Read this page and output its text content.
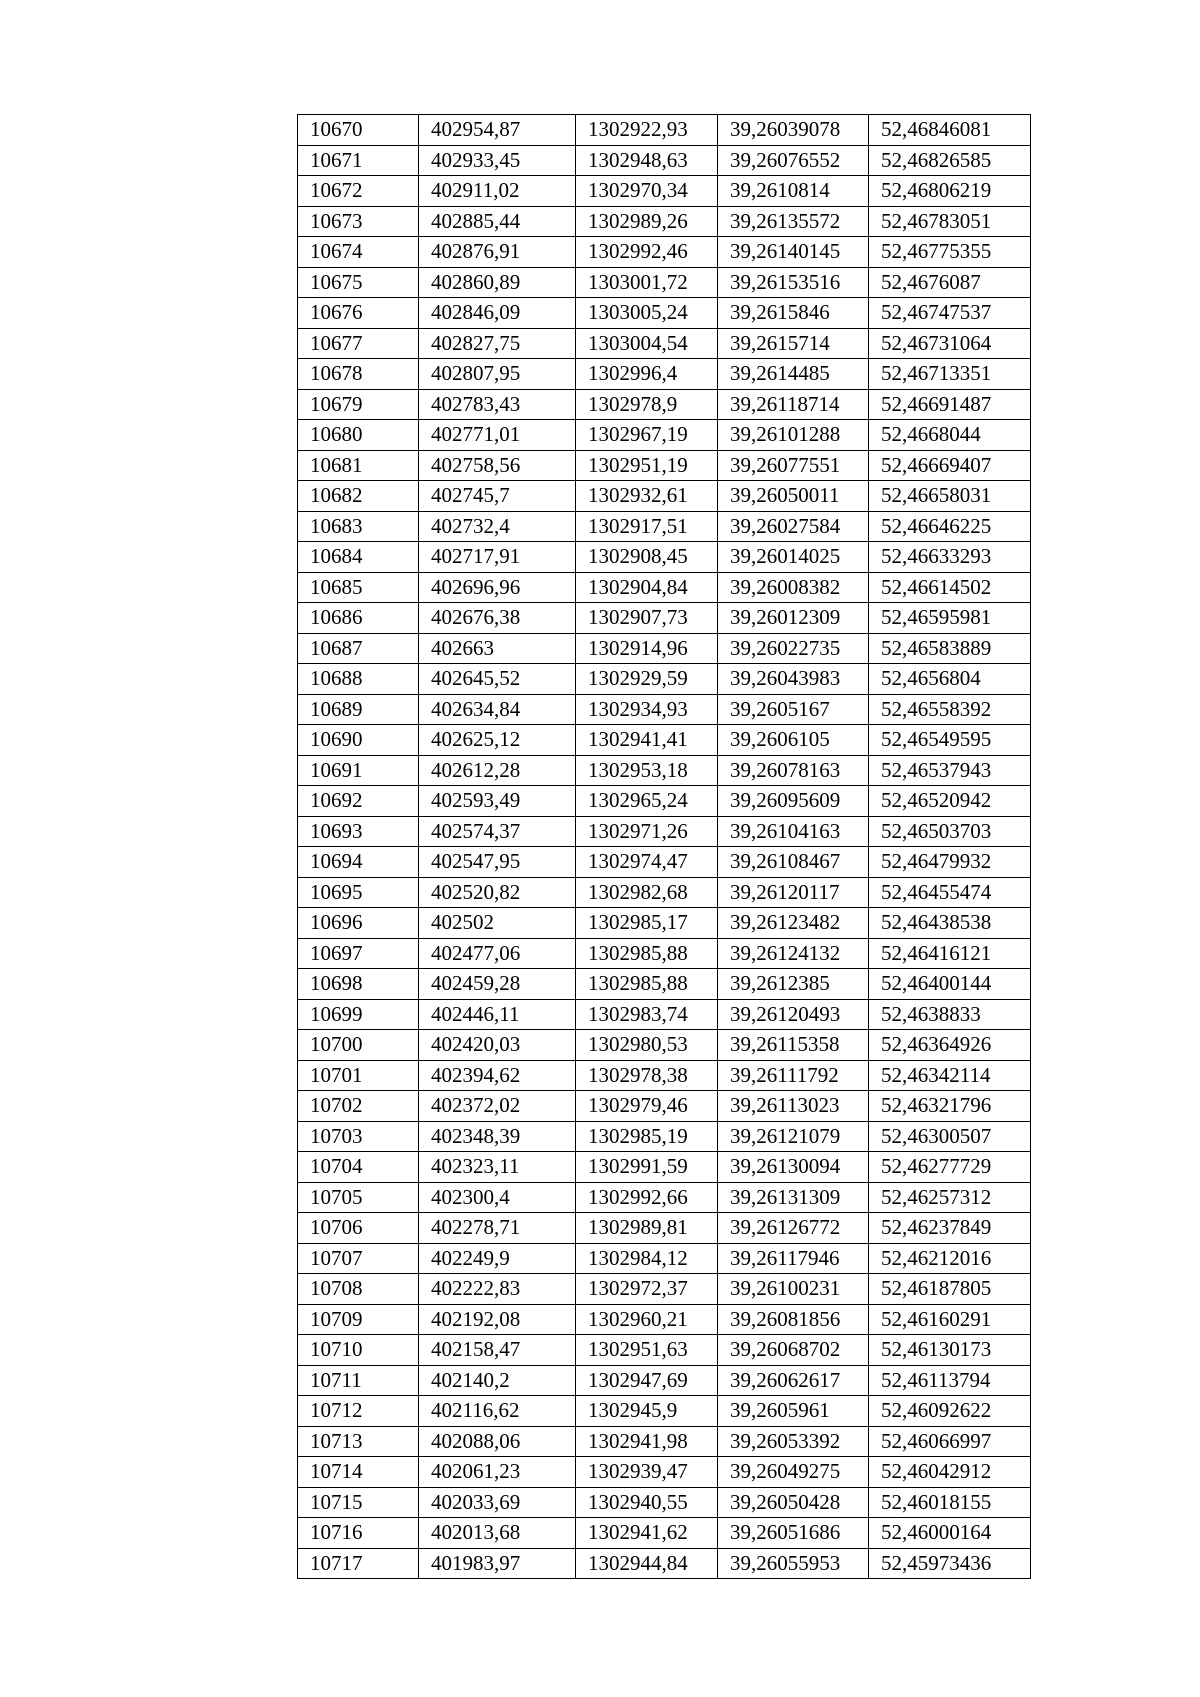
10670	402954,87	1302922,93	39,26039078	52,46846081
10671	402933,45	1302948,63	39,26076552	52,46826585
10672	402911,02	1302970,34	39,2610814	52,46806219
10673	402885,44	1302989,26	39,26135572	52,46783051
10674	402876,91	1302992,46	39,26140145	52,46775355
10675	402860,89	1303001,72	39,26153516	52,4676087
10676	402846,09	1303005,24	39,2615846	52,46747537
10677	402827,75	1303004,54	39,2615714	52,46731064
10678	402807,95	1302996,4	39,2614485	52,46713351
10679	402783,43	1302978,9	39,26118714	52,46691487
10680	402771,01	1302967,19	39,26101288	52,4668044
10681	402758,56	1302951,19	39,26077551	52,46669407
10682	402745,7	1302932,61	39,26050011	52,46658031
10683	402732,4	1302917,51	39,26027584	52,46646225
10684	402717,91	1302908,45	39,26014025	52,46633293
10685	402696,96	1302904,84	39,26008382	52,46614502
10686	402676,38	1302907,73	39,26012309	52,46595981
10687	402663	1302914,96	39,26022735	52,46583889
10688	402645,52	1302929,59	39,26043983	52,4656804
10689	402634,84	1302934,93	39,2605167	52,46558392
10690	402625,12	1302941,41	39,2606105	52,46549595
10691	402612,28	1302953,18	39,26078163	52,46537943
10692	402593,49	1302965,24	39,26095609	52,46520942
10693	402574,37	1302971,26	39,26104163	52,46503703
10694	402547,95	1302974,47	39,26108467	52,46479932
10695	402520,82	1302982,68	39,26120117	52,46455474
10696	402502	1302985,17	39,26123482	52,46438538
10697	402477,06	1302985,88	39,26124132	52,46416121
10698	402459,28	1302985,88	39,2612385	52,46400144
10699	402446,11	1302983,74	39,26120493	52,4638833
10700	402420,03	1302980,53	39,26115358	52,46364926
10701	402394,62	1302978,38	39,26111792	52,46342114
10702	402372,02	1302979,46	39,26113023	52,46321796
10703	402348,39	1302985,19	39,26121079	52,46300507
10704	402323,11	1302991,59	39,26130094	52,46277729
10705	402300,4	1302992,66	39,26131309	52,46257312
10706	402278,71	1302989,81	39,26126772	52,46237849
10707	402249,9	1302984,12	39,26117946	52,46212016
10708	402222,83	1302972,37	39,26100231	52,46187805
10709	402192,08	1302960,21	39,26081856	52,46160291
10710	402158,47	1302951,63	39,26068702	52,46130173
10711	402140,2	1302947,69	39,26062617	52,46113794
10712	402116,62	1302945,9	39,2605961	52,46092622
10713	402088,06	1302941,98	39,26053392	52,46066997
10714	402061,23	1302939,47	39,26049275	52,46042912
10715	402033,69	1302940,55	39,26050428	52,46018155
10716	402013,68	1302941,62	39,26051686	52,46000164
10717	401983,97	1302944,84	39,26055953	52,45973436
